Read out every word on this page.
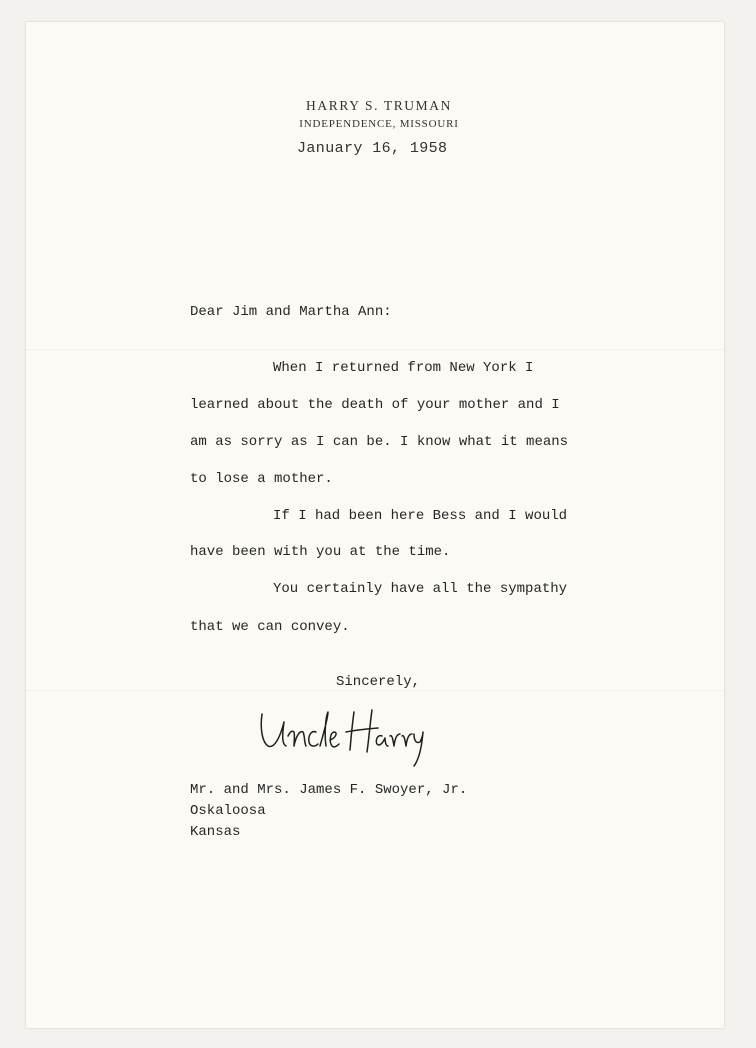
HARRY S. TRUMAN
INDEPENDENCE, MISSOURI
January 16, 1958
Dear Jim and Martha Ann:
When I returned from New York I
learned about the death of your mother and I
am as sorry as I can be. I know what it means
to lose a mother.
If I had been here Bess and I would
have been with you at the time.
You certainly have all the sympathy
that we can convey.
Sincerely,
Uncle Harry
Mr. and Mrs. James F. Swoyer, Jr.
Oskaloosa
Kansas
